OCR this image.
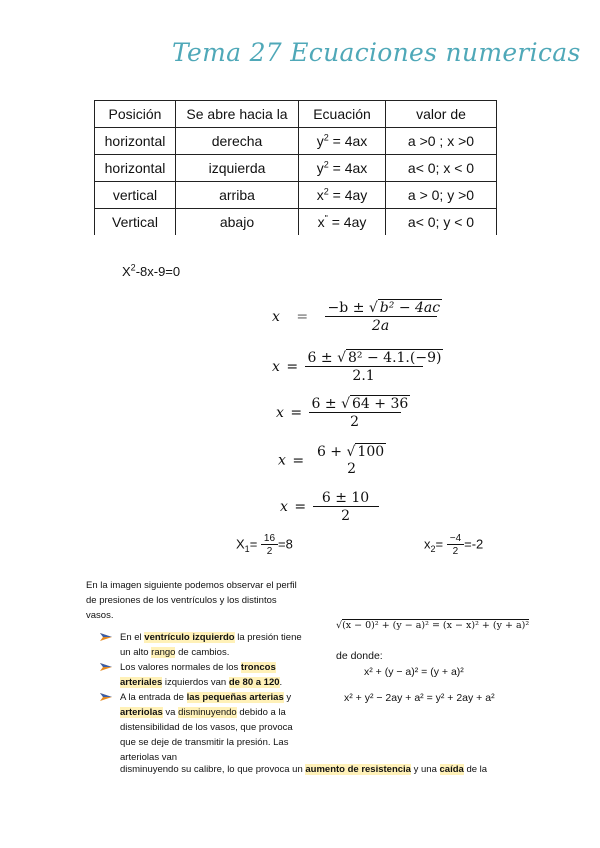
Tema 27 Ecuaciones numericas
Posición	Se abre hacia la	Ecuación	valor de
horizontal	derecha	$y^2 = 4ax$	a >0 ; x >0
horizontal	izquierda	$y^2 = 4ax$	a< 0; x < 0
vertical	arriba	$x^2 = 4ay$	a > 0; y >0
Vertical	abajo	x" = 4ay	a< 0; y < 0
$X^2-8x-9=0$
$x = \frac{\text{−b ± √ b² − 4ac}}{2a}$
$x = \frac{\text{6 ± √ 8² − 4.1.(−9)}}{2.1}$
$x = \frac{6 \pm √ 64 + 36}{2}$
x =
6 + √ 100
2
$x = \frac{6 \pm 10}{2}$
$X_1= \frac{16}{2} =8$	$x_2= \frac{-4}{2} =-2$
En la imagen siguiente podemos observar el perfil de presiones de los ventrículos y los distintos vasos.
En el ventrículo izquierdo la presión tiene un alto rango de cambios.
Los valores normales de los troncos arteriales izquierdos van de 80 a 120.
A la entrada de las pequeñas arterias y arteriolas va disminuyendo debido a la distensibilidad de los vasos, que provoca que se deje de transmitir la presión. Las arteriolas van
disminuyendo su calibre, lo que provoca un aumento de resistencia y una caída de la
√(x − 0)² + (y − a)² = (x − x)² + (y + a)²
de donde:
x² + (y − a)² = (y + a)²
x² + y² − 2ay + a² = y² + 2ay + a²
